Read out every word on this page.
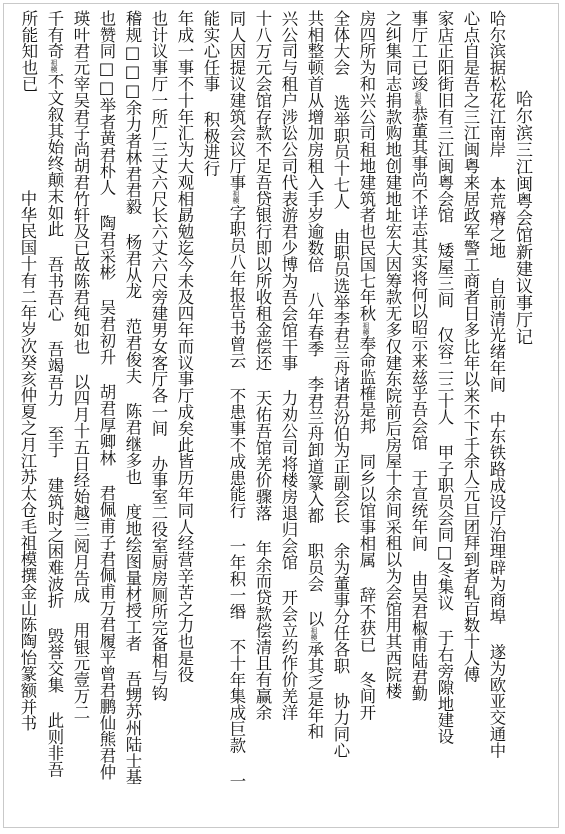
哈尔滨三江闽粤会馆新建议事厅记
哈尔滨据松花江南岸 本荒瘠之地 自前清光绪年间 中东铁路成设厅治理辟为商埠 遂为欧亚交通中
心点自是吾之三江闽粤来居政军警工商者日多比年以来不下千余人元旦团拜到者轧百数十人傅
家店正阳街旧有三江闽粤会馆 矮屋三间 仅容二三十人 甲子职员会同□冬集议 于右旁隙地建设
事厅工已竣祖模恭董其事尚不详志其实将何以昭示来兹乎吾会馆 于宣统年间 由吴君椒甫陆君勤
之纠集同志捐款购地创建地址宏大因筹款无多仅建东院前后房屋十余间采租以为会馆用其西院楼
房四所为和兴公司租地建筑者也民国七年秋祖模奉命监榷是邦 同乡以馆事相属 辞不获已 冬间开
全体大会 选举职员十七人 由职员选举李君兰舟诸君汾伯为正副会长 余为董事分任各职 协力同心
共相整顿首从增加房租入手岁逾数倍 八年春季 李君兰舟卸道篆入都 职员会 以祖模承其乏是年和
兴公司与租户涉讼公司代表游君少博为吾会馆干事 力劝公司将楼房退归会馆 开会立约作价羌洋
十八万元会馆存款不足吾贷银行即以所收租金偿还 天佑吾馆羌价骤落 年余而贷款偿清且有赢余
同人因提议建筑会议厅事祖模字职员八年报告书曾云 不患事不成患能行 一年积一缗 不十年集成巨款 一
能实心任事 积极进行
年成一事不十年汇为大观相勗勉迄今未及四年而议事厅成矣此皆历年同人经营辛苦之力也是役
也计议事厅一所广三丈六尺长六丈六尺旁建男女客厅各一间 办事室二役室厨房厕所完备相与钩
稽规□□□余力者林君君毅 杨君从龙 范君俊夫 陈君继多也 度地绘图量材授工者 吾甥苏州陆士基
也赞同□□举者黄君朴人 陶君采彬 吴君初升 胡君厚卿林 君佩甫子君佩甫万君履平曾君鹏仙熊君仲
瑛叶君元宰吴君子尚胡君竹轩及已故陈君纯如也 以四月十五日经始越三阅月告成 用银元壹万二
千有奇祖模不文叙其始终颠末如此 吾书吾心 吾竭吾力 至于 建筑时之困难波折 毁誉交集 此则非吾
所能知也已
中华民国十有二年岁次癸亥仲夏之月江苏太仓毛祖模撰金山陈陶怡篆额并书
